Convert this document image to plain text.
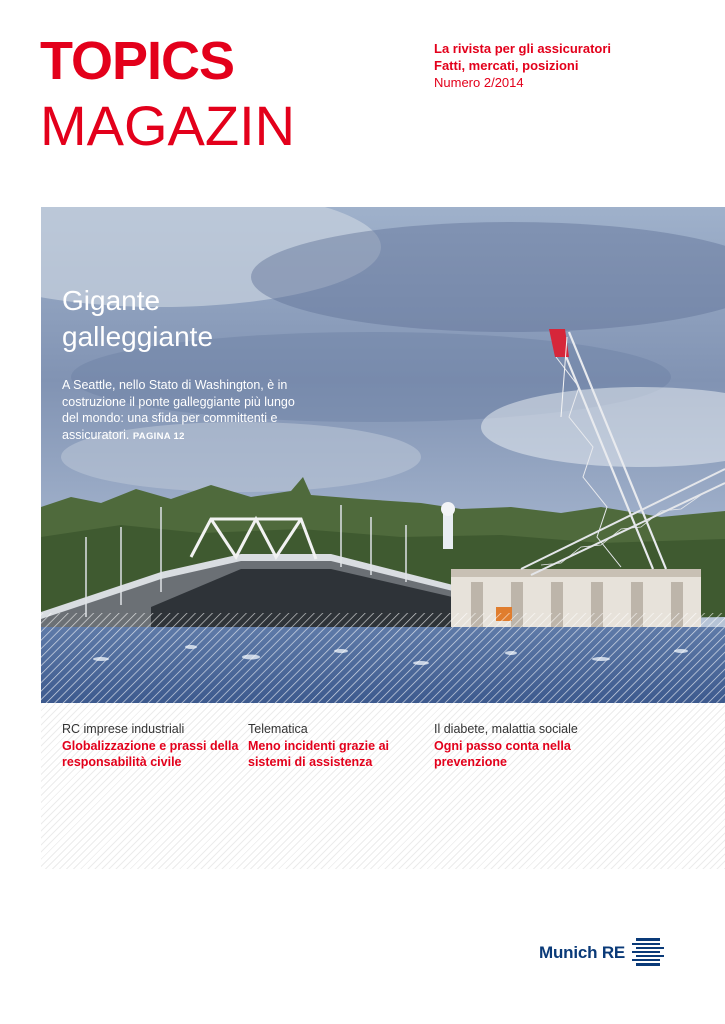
TOPICS
MAGAZIN
La rivista per gli assicuratori
Fatti, mercati, posizioni
Numero 2/2014
Gigante
galleggiante
A Seattle, nello Stato di Washington, è in costruzione il ponte galleggiante più lungo del mondo: una sfida per committenti e assicuratori. PAGINA 12
RC imprese industriali
Globalizzazione e prassi della responsabilità civile
Telematica
Meno incidenti grazie ai sistemi di assistenza
Il diabete, malattia sociale
Ogni passo conta nella prevenzione
Munich RE
